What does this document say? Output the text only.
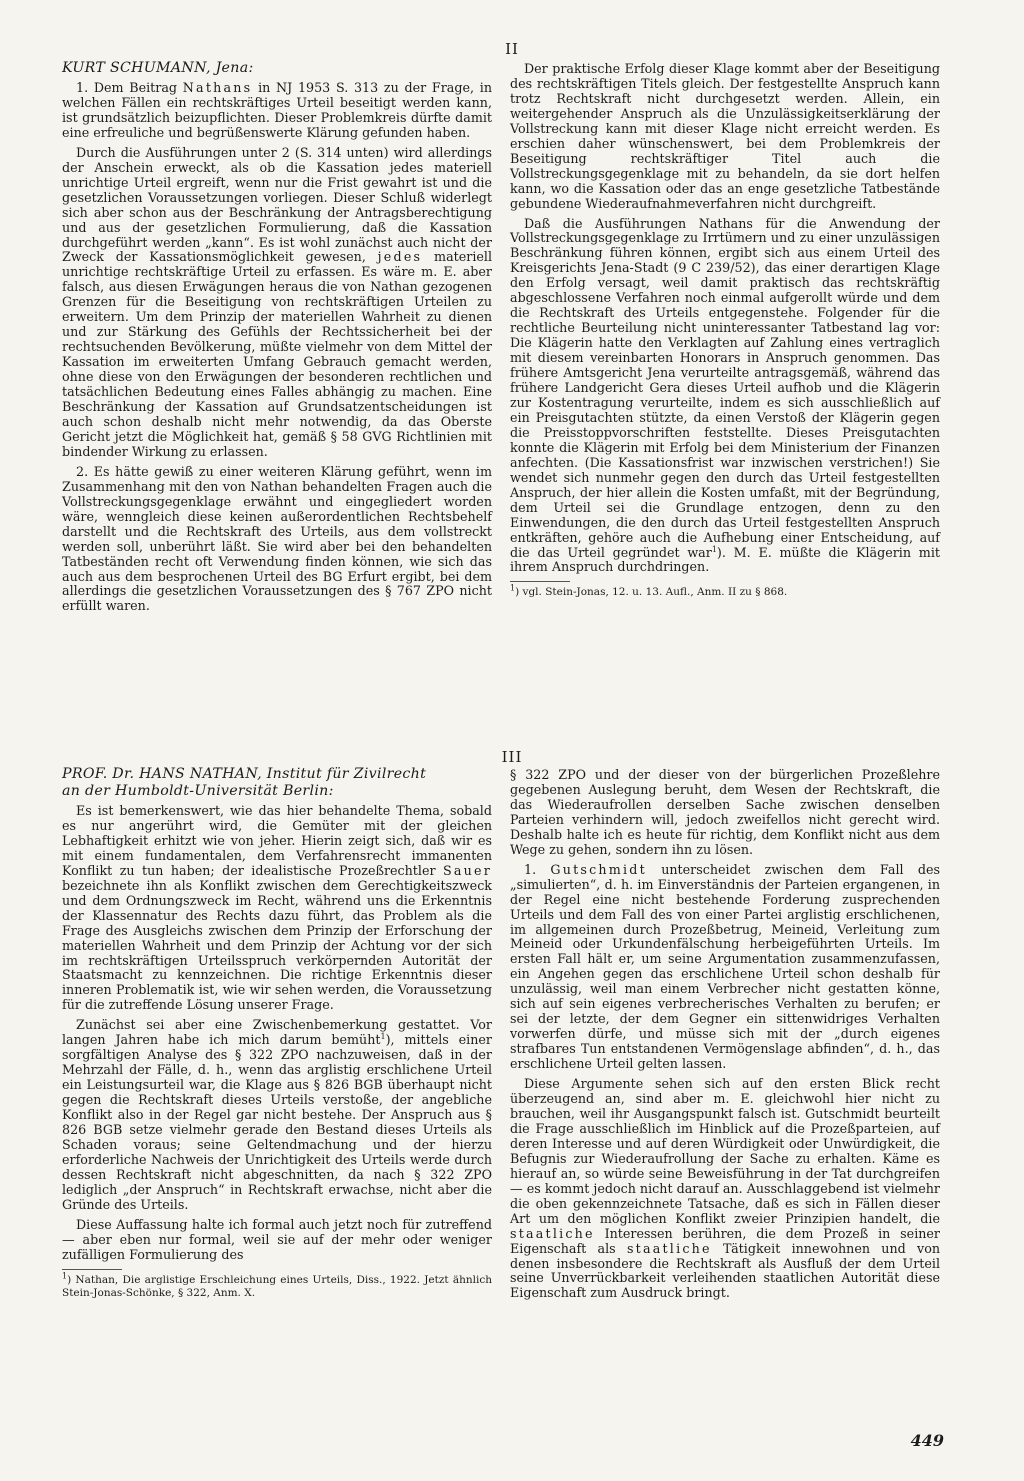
II
KURT SCHUMANN, Jena:

1. Dem Beitrag Nathans in NJ 1953 S. 313 zu der Frage, in welchen Fällen ein rechtskräftiges Urteil beseitigt werden kann, ist grundsätzlich beizupflichten. Dieser Problemkreis dürfte damit eine erfreuliche und begrüßenswerte Klärung gefunden haben.

Durch die Ausführungen unter 2 (S. 314 unten) wird allerdings der Anschein erweckt, als ob die Kassation jedes materiell unrichtige Urteil ergreift, wenn nur die Frist gewahrt ist und die gesetzlichen Voraussetzungen vorliegen. Dieser Schluß widerlegt sich aber schon aus der Beschränkung der Antragsberechtigung und aus der gesetzlichen Formulierung, daß die Kassation durchgeführt werden „kann“. Es ist wohl zunächst auch nicht der Zweck der Kassationsmöglichkeit gewesen, jedes materiell unrichtige rechtskräftige Urteil zu erfassen. Es wäre m. E. aber falsch, aus diesen Erwägungen heraus die von Nathan gezogenen Grenzen für die Beseitigung von rechtskräftigen Urteilen zu erweitern. Um dem Prinzip der materiellen Wahrheit zu dienen und zur Stärkung des Gefühls der Rechtssicherheit bei der rechtsuchenden Bevölkerung, müßte vielmehr von dem Mittel der Kassation im erweiterten Umfang Gebrauch gemacht werden, ohne diese von den Erwägungen der besonderen rechtlichen und tatsächlichen Bedeutung eines Falles abhängig zu machen. Eine Beschränkung der Kassation auf Grundsatzentscheidungen ist auch schon deshalb nicht mehr notwendig, da das Oberste Gericht jetzt die Möglichkeit hat, gemäß § 58 GVG Richtlinien mit bindender Wirkung zu erlassen.

2. Es hätte gewiß zu einer weiteren Klärung geführt, wenn im Zusammenhang mit den von Nathan behandelten Fragen auch die Vollstreckungsgegenklage erwähnt und eingegliedert worden wäre, wenngleich diese keinen außerordentlichen Rechtsbehelf darstellt und die Rechtskraft des Urteils, aus dem vollstreckt werden soll, unberührt läßt. Sie wird aber bei den behandelten Tatbeständen recht oft Verwendung finden können, wie sich das auch aus dem besprochenen Urteil des BG Erfurt ergibt, bei dem allerdings die gesetzlichen Voraussetzungen des § 767 ZPO nicht erfüllt waren.

Der praktische Erfolg dieser Klage kommt aber der Beseitigung des rechtskräftigen Titels gleich. Der festgestellte Anspruch kann trotz Rechtskraft nicht durchgesetzt werden. Allein, ein weitergehender Anspruch als die Unzulässigkeitserklärung der Vollstreckung kann mit dieser Klage nicht erreicht werden. Es erschien daher wünschenswert, bei dem Problemkreis der Beseitigung rechtskräftiger Titel auch die Vollstreckungsgegenklage mit zu behandeln, da sie dort helfen kann, wo die Kassation oder das an enge gesetzliche Tatbestände gebundene Wiederaufnahmeverfahren nicht durchgreift.

Daß die Ausführungen Nathans für die Anwendung der Vollstreckungsgegenklage zu Irrtümern und zu einer unzulässigen Beschränkung führen können, ergibt sich aus einem Urteil des Kreisgerichts Jena-Stadt (9 C 239/52), das einer derartigen Klage den Erfolg versagt, weil damit praktisch das rechtskräftig abgeschlossene Verfahren noch einmal aufgerollt würde und dem die Rechtskraft des Urteils entgegenstehe. Folgender für die rechtliche Beurteilung nicht uninteressanter Tatbestand lag vor: Die Klägerin hatte den Verklagten auf Zahlung eines vertraglich mit diesem vereinbarten Honorars in Anspruch genommen. Das frühere Amtsgericht Jena verurteilte antragsgemäß, während das frühere Landgericht Gera dieses Urteil aufhob und die Klägerin zur Kostentragung verurteilte, indem es sich ausschließlich auf ein Preisgutachten stützte, da einen Verstoß der Klägerin gegen die Preisstoppvorschriften feststellte. Dieses Preisgutachten konnte die Klägerin mit Erfolg bei dem Ministerium der Finanzen anfechten. (Die Kassationsfrist war inzwischen verstrichen!) Sie wendet sich nunmehr gegen den durch das Urteil festgestellten Anspruch, der hier allein die Kosten umfaßt, mit der Begründung, dem Urteil sei die Grundlage entzogen, denn zu den Einwendungen, die den durch das Urteil festgestellten Anspruch entkräften, gehöre auch die Aufhebung einer Entscheidung, auf die das Urteil gegründet war$^1$). M. E. müßte die Klägerin mit ihrem Anspruch durchdringen.

$^1$) vgl. Stein-Jonas, 12. u. 13. Aufl., Anm. II zu § 868.

III
PROF. Dr. HANS NATHAN, Institut für Zivilrecht
an der Humboldt-Universität Berlin:

Es ist bemerkenswert, wie das hier behandelte Thema, sobald es nur angerührt wird, die Gemüter mit der gleichen Lebhaftigkeit erhitzt wie von jeher. Hierin zeigt sich, daß wir es mit einem fundamentalen, dem Verfahrensrecht immanenten Konflikt zu tun haben; der idealistische Prozeßrechtler Sauer bezeichnete ihn als Konflikt zwischen dem Gerechtigkeitszweck und dem Ordnungszweck im Recht, während uns die Erkenntnis der Klassennatur des Rechts dazu führt, das Problem als die Frage des Ausgleichs zwischen dem Prinzip der Erforschung der materiellen Wahrheit und dem Prinzip der Achtung vor der sich im rechtskräftigen Urteilsspruch verkörpernden Autorität der Staatsmacht zu kennzeichnen. Die richtige Erkenntnis dieser inneren Problematik ist, wie wir sehen werden, die Voraussetzung für die zutreffende Lösung unserer Frage.

Zunächst sei aber eine Zwischenbemerkung gestattet. Vor langen Jahren habe ich mich darum bemüht$^1$), mittels einer sorgfältigen Analyse des § 322 ZPO nachzuweisen, daß in der Mehrzahl der Fälle, d. h., wenn das arglistig erschlichene Urteil ein Leistungsurteil war, die Klage aus § 826 BGB überhaupt nicht gegen die Rechtskraft dieses Urteils verstoße, der angebliche Konflikt also in der Regel gar nicht bestehe. Der Anspruch aus § 826 BGB setze vielmehr gerade den Bestand dieses Urteils als Schaden voraus; seine Geltendmachung und der hierzu erforderliche Nachweis der Unrichtigkeit des Urteils werde durch dessen Rechtskraft nicht abgeschnitten, da nach § 322 ZPO lediglich „der Anspruch“ in Rechtskraft erwachse, nicht aber die Gründe des Urteils.

Diese Auffassung halte ich formal auch jetzt noch für zutreffend — aber eben nur formal, weil sie auf der mehr oder weniger zufälligen Formulierung des

$^1$) Nathan, Die arglistige Erschleichung eines Urteils, Diss., 1922. Jetzt ähnlich Stein-Jonas-Schönke, § 322, Anm. X.

§ 322 ZPO und der dieser von der bürgerlichen Prozeßlehre gegebenen Auslegung beruht, dem Wesen der Rechtskraft, die das Wiederaufrollen derselben Sache zwischen denselben Parteien verhindern will, jedoch zweifellos nicht gerecht wird. Deshalb halte ich es heute für richtig, dem Konflikt nicht aus dem Wege zu gehen, sondern ihn zu lösen.

1. Gutschmidt unterscheidet zwischen dem Fall des „simulierten“, d. h. im Einverständnis der Parteien ergangenen, in der Regel eine nicht bestehende Forderung zusprechenden Urteils und dem Fall des von einer Partei arglistig erschlichenen, im allgemeinen durch Prozeßbetrug, Meineid, Verleitung zum Meineid oder Urkundenfälschung herbeigeführten Urteils. Im ersten Fall hält er, um seine Argumentation zusammenzufassen, ein Angehen gegen das erschlichene Urteil schon deshalb für unzulässig, weil man einem Verbrecher nicht gestatten könne, sich auf sein eigenes verbrecherisches Verhalten zu berufen; er sei der letzte, der dem Gegner ein sittenwidriges Verhalten vorwerfen dürfe, und müsse sich mit der „durch eigenes strafbares Tun entstandenen Vermögenslage abfinden“, d. h., das erschlichene Urteil gelten lassen.

Diese Argumente sehen sich auf den ersten Blick recht überzeugend an, sind aber m. E. gleichwohl hier nicht zu brauchen, weil ihr Ausgangspunkt falsch ist. Gutschmidt beurteilt die Frage ausschließlich im Hinblick auf die Prozeßparteien, auf deren Interesse und auf deren Würdigkeit oder Unwürdigkeit, die Befugnis zur Wiederaufrollung der Sache zu erhalten. Käme es hierauf an, so würde seine Beweisführung in der Tat durchgreifen — es kommt jedoch nicht darauf an. Ausschlaggebend ist vielmehr die oben gekennzeichnete Tatsache, daß es sich in Fällen dieser Art um den möglichen Konflikt zweier Prinzipien handelt, die staatliche Interessen berühren, die dem Prozeß in seiner Eigenschaft als staatliche Tätigkeit innewohnen und von denen insbesondere die Rechtskraft als Ausfluß der dem Urteil seine Unverrückbarkeit verleihenden staatlichen Autorität diese Eigenschaft zum Ausdruck bringt.

449
